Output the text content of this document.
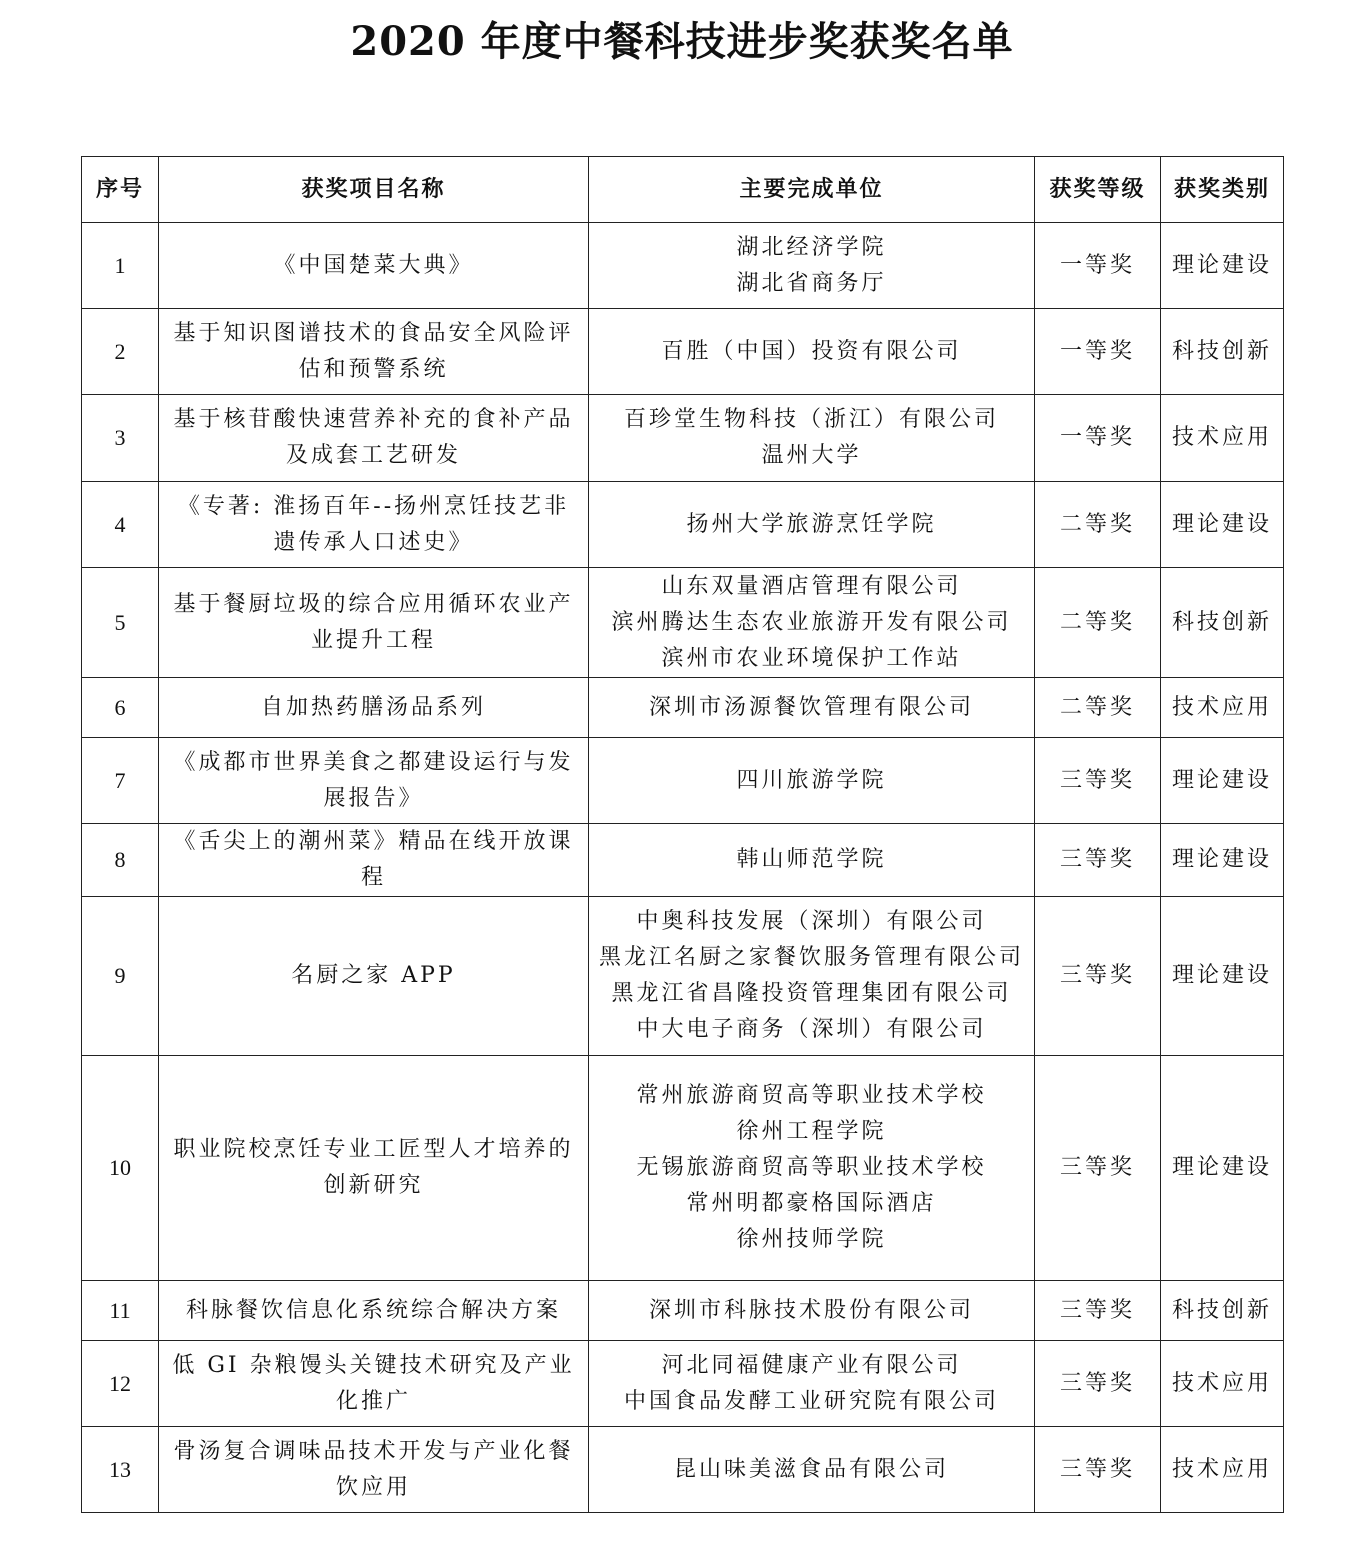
2020 年度中餐科技进步奖获奖名单
序号	获奖项目名称	主要完成单位	获奖等级	获奖类别
1	《中国楚菜大典》	湖北经济学院
湖北省商务厅	一等奖	理论建设
2	基于知识图谱技术的食品安全风险评估和预警系统	百胜（中国）投资有限公司	一等奖	科技创新
3	基于核苷酸快速营养补充的食补产品及成套工艺研发	百珍堂生物科技（浙江）有限公司
温州大学	一等奖	技术应用
4	《专著: 淮扬百年--扬州烹饪技艺非遗传承人口述史》	扬州大学旅游烹饪学院	二等奖	理论建设
5	基于餐厨垃圾的综合应用循环农业产业提升工程	山东双量酒店管理有限公司
滨州腾达生态农业旅游开发有限公司
滨州市农业环境保护工作站	二等奖	科技创新
6	自加热药膳汤品系列	深圳市汤源餐饮管理有限公司	二等奖	技术应用
7	《成都市世界美食之都建设运行与发展报告》	四川旅游学院	三等奖	理论建设
8	《舌尖上的潮州菜》精品在线开放课程	韩山师范学院	三等奖	理论建设
9	名厨之家 APP	中奥科技发展（深圳）有限公司
黑龙江名厨之家餐饮服务管理有限公司
黑龙江省昌隆投资管理集团有限公司
中大电子商务（深圳）有限公司	三等奖	理论建设
10	职业院校烹饪专业工匠型人才培养的创新研究	常州旅游商贸高等职业技术学校
徐州工程学院
无锡旅游商贸高等职业技术学校
常州明都豪格国际酒店
徐州技师学院	三等奖	理论建设
11	科脉餐饮信息化系统综合解决方案	深圳市科脉技术股份有限公司	三等奖	科技创新
12	低 GI 杂粮馒头关键技术研究及产业化推广	河北同福健康产业有限公司
中国食品发酵工业研究院有限公司	三等奖	技术应用
13	骨汤复合调味品技术开发与产业化餐饮应用	昆山味美滋食品有限公司	三等奖	技术应用
